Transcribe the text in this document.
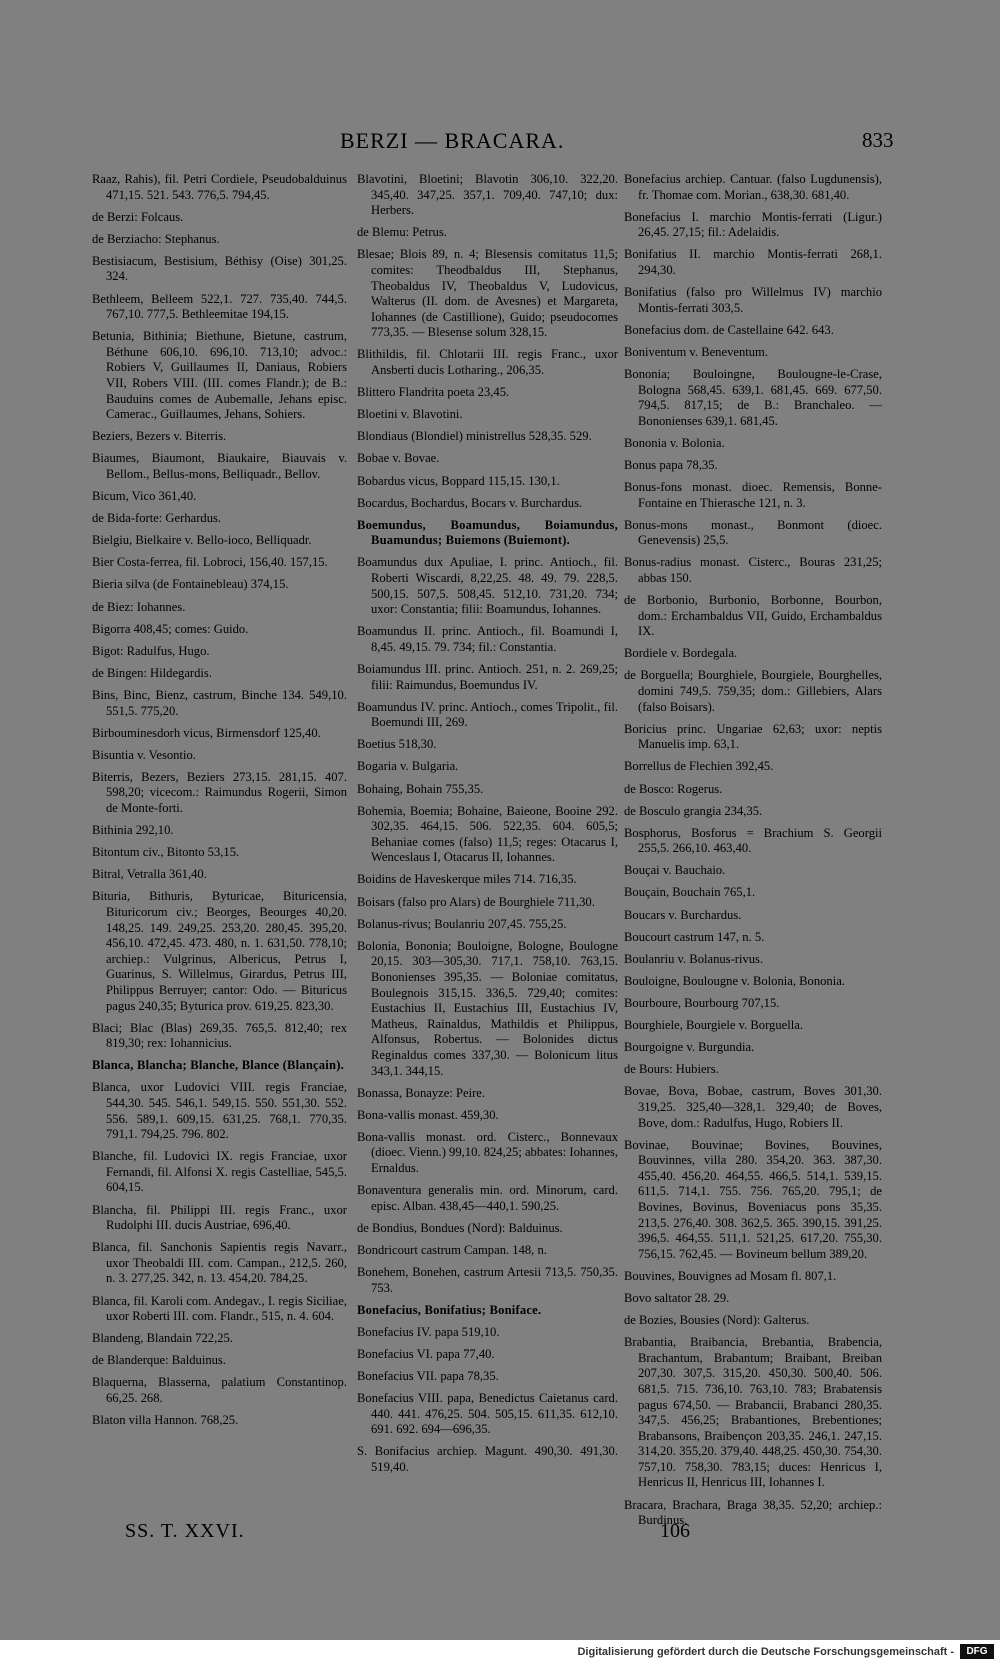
BERZI — BRACARA.	833

Raaz, Rahis), fil. Petri Cordiele, Pseudobalduinus 471,15. 521. 543. 776,5. 794,45.

de Berzi: Folcaus.

de Berziacho: Stephanus.

Bestisiacum, Bestisium, Béthisy (Oise) 301,25. 324.

Bethleem, Belleem 522,1. 727. 735,40. 744,5. 767,10. 777,5. Bethleemitae 194,15.

Betunia, Bithinia; Biethune, Bietune, castrum, Béthune 606,10. 696,10. 713,10; advoc.: Robiers V, Guillaumes II, Daniaus, Robiers VII, Robers VIII. (III. comes Flandr.); de B.: Bauduins comes de Aubemalle, Jehans episc. Camerac., Guillaumes, Jehans, Sohiers.

Beziers, Bezers v. Biterris.

Biaumes, Biaumont, Biaukaire, Biauvais v. Bellom., Bellus-mons, Belliquadr., Bellov.

Bicum, Vico 361,40.

de Bida-forte: Gerhardus.

Bielgiu, Bielkaire v. Bello-ioco, Belliquadr.

Bier Costa-ferrea, fil. Lobroci, 156,40. 157,15.

Bieria silva (de Fontainebleau) 374,15.

de Biez: Iohannes.

Bigorra 408,45; comes: Guido.

Bigot: Radulfus, Hugo.

de Bingen: Hildegardis.

Bins, Binc, Bienz, castrum, Binche 134. 549,10. 551,5. 775,20.

Birbouminesdorh vicus, Birmensdorf 125,40.

Bisuntia v. Vesontio.

Biterris, Bezers, Beziers 273,15. 281,15. 407. 598,20; vicecom.: Raimundus Rogerii, Simon de Monte-forti.

Bithinia 292,10.

Bitontum civ., Bitonto 53,15.

Bitral, Vetralla 361,40.

Bituria, Bithuris, Byturicae, Bituricensia, Bituricorum civ.; Beorges, Beourges 40,20. 148,25. 149. 249,25. 253,20. 280,45. 395,20. 456,10. 472,45. 473. 480, n. 1. 631,50. 778,10; archiep.: Vulgrinus, Albericus, Petrus I, Guarinus, S. Willelmus, Girardus, Petrus III, Philippus Berruyer; cantor: Odo. — Bituricus pagus 240,35; Byturica prov. 619,25. 823,30.

Blaci; Blac (Blas) 269,35. 765,5. 812,40; rex 819,30; rex: Iohannicius.

Blanca, Blancha; Blanche, Blance (Blançain).

Blanca, uxor Ludovici VIII. regis Franciae, 544,30. 545. 546,1. 549,15. 550. 551,30. 552. 556. 589,1. 609,15. 631,25. 768,1. 770,35. 791,1. 794,25. 796. 802.

Blanche, fil. Ludovici IX. regis Franciae, uxor Fernandi, fil. Alfonsi X. regis Castelliae, 545,5. 604,15.

Blancha, fil. Philippi III. regis Franc., uxor Rudolphi III. ducis Austriae, 696,40.

Blanca, fil. Sanchonis Sapientis regis Navarr., uxor Theobaldi III. com. Campan., 212,5. 260, n. 3. 277,25. 342, n. 13. 454,20. 784,25.

Blanca, fil. Karoli com. Andegav., I. regis Siciliae, uxor Roberti III. com. Flandr., 515, n. 4. 604.

Blandeng, Blandain 722,25.

de Blanderque: Balduinus.

Blaquerna, Blasserna, palatium Constantinop. 66,25. 268.

Blaton villa Hannon. 768,25.

Blavotini, Bloetini; Blavotin 306,10. 322,20. 345,40. 347,25. 357,1. 709,40. 747,10; dux: Herbers.

de Blemu: Petrus.

Blesae; Blois 89, n. 4; Blesensis comitatus 11,5; comites: Theodbaldus III, Stephanus, Theobaldus IV, Theobaldus V, Ludovicus, Walterus (II. dom. de Avesnes) et Margareta, Iohannes (de Castillione), Guido; pseudocomes 773,35. — Blesense solum 328,15.

Blithildis, fil. Chlotarii III. regis Franc., uxor Ansberti ducis Lotharing., 206,35.

Blittero Flandrita poeta 23,45.

Bloetini v. Blavotini.

Blondiaus (Blondiel) ministrellus 528,35. 529.

Bobae v. Bovae.

Bobardus vicus, Boppard 115,15. 130,1.

Bocardus, Bochardus, Bocars v. Burchardus.

Boemundus, Boamundus, Boiamundus, Buamundus; Buiemons (Buiemont).

Boamundus dux Apuliae, I. princ. Antioch., fil. Roberti Wiscardi, 8,22,25. 48. 49. 79. 228,5. 500,15. 507,5. 508,45. 512,10. 731,20. 734; uxor: Constantia; filii: Boamundus, Iohannes.

Boamundus II. princ. Antioch., fil. Boamundi I, 8,45. 49,15. 79. 734; fil.: Constantia.

Boiamundus III. princ. Antioch. 251, n. 2. 269,25; filii: Raimundus, Boemundus IV.

Boamundus IV. princ. Antioch., comes Tripolit., fil. Boemundi III, 269.

Boetius 518,30.

Bogaria v. Bulgaria.

Bohaing, Bohain 755,35.

Bohemia, Boemia; Bohaine, Baieone, Booine 292. 302,35. 464,15. 506. 522,35. 604. 605,5; Behaniae comes (falso) 11,5; reges: Otacarus I, Wenceslaus I, Otacarus II, Iohannes.

Boidins de Haveskerque miles 714. 716,35.

Boisars (falso pro Alars) de Bourghiele 711,30.

Bolanus-rivus; Boulanriu 207,45. 755,25.

Bolonia, Bononia; Bouloigne, Bologne, Boulogne 20,15. 303—305,30. 717,1. 758,10. 763,15. Bononienses 395,35. — Boloniae comitatus, Boulegnois 315,15. 336,5. 729,40; comites: Eustachius II, Eustachius III, Eustachius IV, Matheus, Rainaldus, Mathildis et Philippus, Alfonsus, Robertus. — Bolonides dictus Reginaldus comes 337,30. — Bolonicum litus 343,1. 344,15.

Bonassa, Bonayze: Peire.

Bona-vallis monast. 459,30.

Bona-vallis monast. ord. Cisterc., Bonnevaux (dioec. Vienn.) 99,10. 824,25; abbates: Iohannes, Ernaldus.

Bonaventura generalis min. ord. Minorum, card. episc. Alban. 438,45—440,1. 590,25.

de Bondius, Bondues (Nord): Balduinus.

Bondricourt castrum Campan. 148, n.

Bonehem, Bonehen, castrum Artesii 713,5. 750,35. 753.

Bonefacius, Bonifatius; Boniface.

Bonefacius IV. papa 519,10.

Bonefacius VI. papa 77,40.

Bonefacius VII. papa 78,35.

Bonefacius VIII. papa, Benedictus Caietanus card. 440. 441. 476,25. 504. 505,15. 611,35. 612,10. 691. 692. 694—696,35.

S. Bonifacius archiep. Magunt. 490,30. 491,30. 519,40.

Bonefacius archiep. Cantuar. (falso Lugdunensis), fr. Thomae com. Morian., 638,30. 681,40.

Bonefacius I. marchio Montis-ferrati (Ligur.) 26,45. 27,15; fil.: Adelaidis.

Bonifatius II. marchio Montis-ferrati 268,1. 294,30.

Bonifatius (falso pro Willelmus IV) marchio Montis-ferrati 303,5.

Bonefacius dom. de Castellaine 642. 643.

Boniventum v. Beneventum.

Bononia; Bouloingne, Boulougne-le-Crase, Bologna 568,45. 639,1. 681,45. 669. 677,50. 794,5. 817,15; de B.: Branchaleo. — Bononienses 639,1. 681,45.

Bononia v. Bolonia.

Bonus papa 78,35.

Bonus-fons monast. dioec. Remensis, Bonne-Fontaine en Thierasche 121, n. 3.

Bonus-mons monast., Bonmont (dioec. Genevensis) 25,5.

Bonus-radius monast. Cisterc., Bouras 231,25; abbas 150.

de Borbonio, Burbonio, Borbonne, Bourbon, dom.: Erchambaldus VII, Guido, Erchambaldus IX.

Bordiele v. Bordegala.

de Borguella; Bourghiele, Bourgiele, Bourghelles, domini 749,5. 759,35; dom.: Gillebiers, Alars (falso Boisars).

Boricius princ. Ungariae 62,63; uxor: neptis Manuelis imp. 63,1.

Borrellus de Flechien 392,45.

de Bosco: Rogerus.

de Bosculo grangia 234,35.

Bosphorus, Bosforus = Brachium S. Georgii 255,5. 266,10. 463,40.

Bouçai v. Bauchaio.

Bouçain, Bouchain 765,1.

Boucars v. Burchardus.

Boucourt castrum 147, n. 5.

Boulanriu v. Bolanus-rivus.

Bouloigne, Boulougne v. Bolonia, Bononia.

Bourboure, Bourbourg 707,15.

Bourghiele, Bourgiele v. Borguella.

Bourgoigne v. Burgundia.

de Bours: Hubiers.

Bovae, Bova, Bobae, castrum, Boves 301,30. 319,25. 325,40—328,1. 329,40; de Boves, Bove, dom.: Radulfus, Hugo, Robiers II.

Bovinae, Bouvinae; Bovines, Bouvines, Bouvinnes, villa 280. 354,20. 363. 387,30. 455,40. 456,20. 464,55. 466,5. 514,1. 539,15. 611,5. 714,1. 755. 756. 765,20. 795,1; de Bovines, Bovinus, Boveniacus pons 35,35. 213,5. 276,40. 308. 362,5. 365. 390,15. 391,25. 396,5. 464,55. 511,1. 521,25. 617,20. 755,30. 756,15. 762,45. — Bovineum bellum 389,20.

Bouvines, Bouvignes ad Mosam fl. 807,1.

Bovo saltator 28. 29.

de Bozies, Bousies (Nord): Galterus.

Brabantia, Braibancia, Brebantia, Brabencia, Brachantum, Brabantum; Braibant, Breiban 207,30. 307,5. 315,20. 450,30. 500,40. 506. 681,5. 715. 736,10. 763,10. 783; Brabatensis pagus 674,50. — Brabancii, Brabanci 280,35. 347,5. 456,25; Brabantiones, Brebentiones; Brabansons, Braibençon 203,35. 246,1. 247,15. 314,20. 355,20. 379,40. 448,25. 450,30. 754,30. 757,10. 758,30. 783,15; duces: Henricus I, Henricus II, Henricus III, Iohannes I.

Bracara, Brachara, Braga 38,35. 52,20; archiep.: Burdinus.

SS. T. XXVI.	106
Digitalisierung gefördert durch die Deutsche Forschungsgemeinschaft -	DFG
